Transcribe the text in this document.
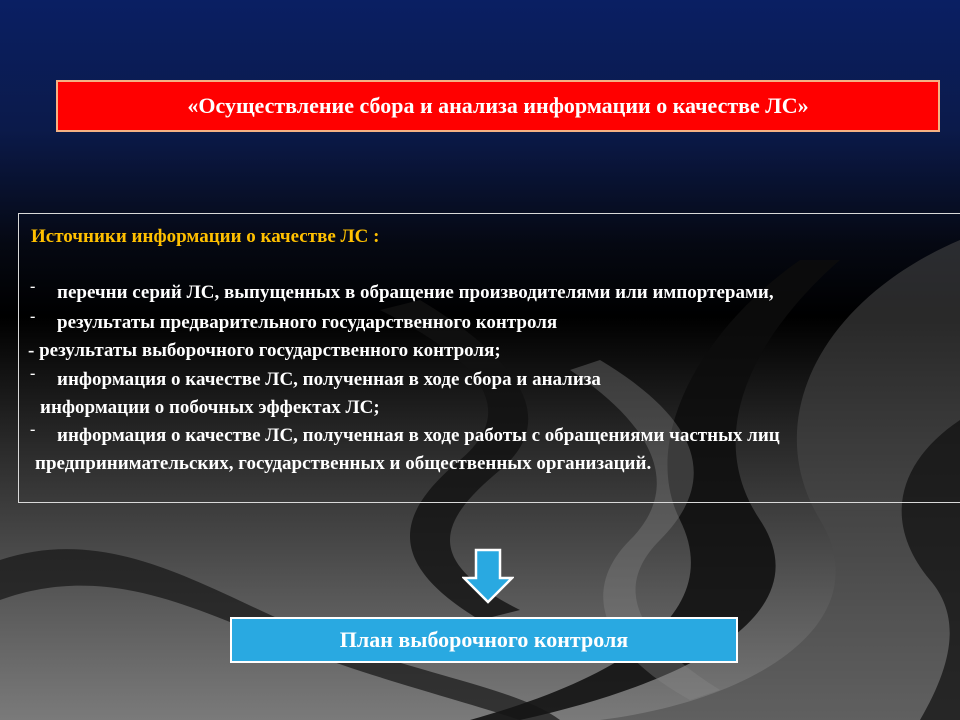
«Осуществление сбора и анализа информации о качестве ЛС»
Источники информации о качестве ЛС :
- перечни серий ЛС, выпущенных в обращение производителями или импортерами,
- результаты предварительного государственного контроля
- результаты выборочного государственного контроля;
- информация о качестве ЛС, полученная в ходе сбора и анализа
информации о побочных эффектах ЛС;
- информация о качестве ЛС, полученная в ходе работы с обращениями частных лиц
предпринимательских, государственных и общественных организаций.
План выборочного контроля
